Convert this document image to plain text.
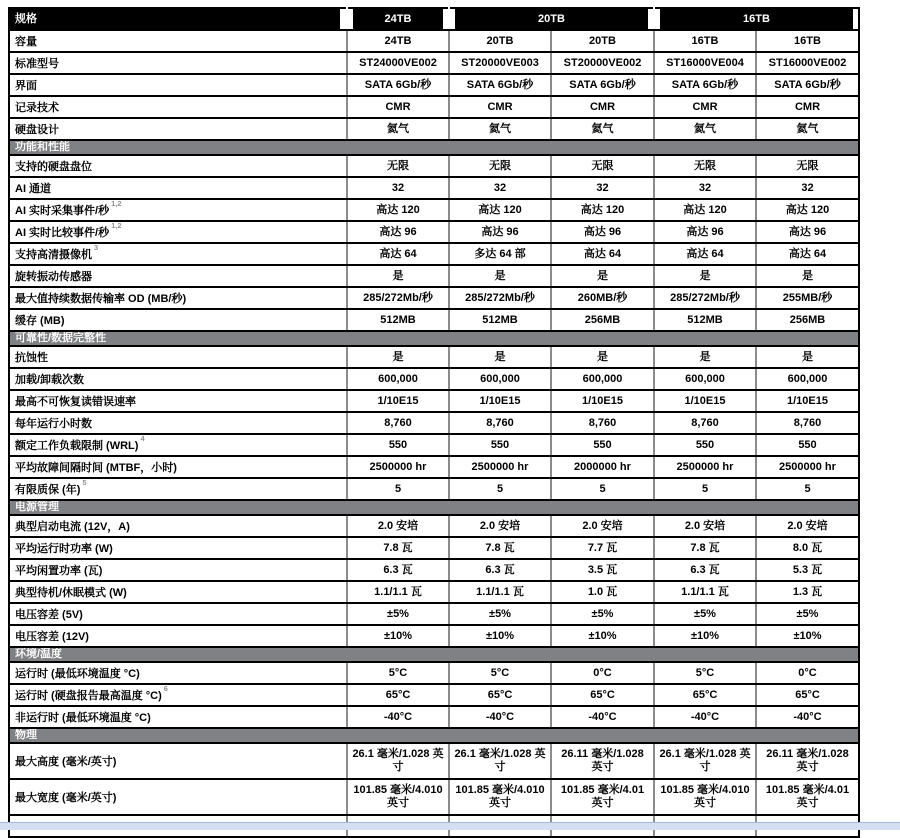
规格	24TB	20TB		16TB	

容量	24TB	20TB	20TB	16TB	16TB
标准型号	ST24000VE002	ST20000VE003	ST20000VE002	ST16000VE004	ST16000VE002
界面	SATA 6Gb/秒	SATA 6Gb/秒	SATA 6Gb/秒	SATA 6Gb/秒	SATA 6Gb/秒
记录技术	CMR	CMR	CMR	CMR	CMR
硬盘设计	氦气	氦气	氦气	氦气	氦气
功能和性能					
支持的硬盘盘位	无限	无限	无限	无限	无限
AI 通道	32	32	32	32	32
AI 实时采集事件/秒$^{1,2}$	高达 120	高达 120	高达 120	高达 120	高达 120
AI 实时比较事件/秒$^{1,2}$	高达 96	高达 96	高达 96	高达 96	高达 96
支持高清摄像机$^3$	高达 64	多达 64 部	高达 64	高达 64	高达 64
旋转振动传感器	是	是	是	是	是
最大值持续数据传输率 OD (MB/秒)	285/272Mb/秒	285/272Mb/秒	260MB/秒	285/272Mb/秒	255MB/秒
缓存 (MB)	512MB	512MB	256MB	512MB	256MB
可靠性/数据完整性					
抗蚀性	是	是	是	是	是
加载/卸载次数	600,000	600,000	600,000	600,000	600,000
最高不可恢复读错误速率	1/10E15	1/10E15	1/10E15	1/10E15	1/10E15
每年运行小时数	8,760	8,760	8,760	8,760	8,760
额定工作负载限制 (WRL)$^4$	550	550	550	550	550
平均故障间隔时间 (MTBF，小时)	2500000 hr	2500000 hr	2000000 hr	2500000 hr	2500000 hr
有限质保 (年)$^5$	5	5	5	5	5
电源管理					
典型启动电流 (12V，A)	2.0 安培	2.0 安培	2.0 安培	2.0 安培	2.0 安培
平均运行时功率 (W)	7.8 瓦	7.8 瓦	7.7 瓦	7.8 瓦	8.0 瓦
平均闲置功率 (瓦)	6.3 瓦	6.3 瓦	3.5 瓦	6.3 瓦	5.3 瓦
典型待机/休眠模式 (W)	1.1/1.1 瓦	1.1/1.1 瓦	1.0 瓦	1.1/1.1 瓦	1.3 瓦
电压容差 (5V)	±5%	±5%	±5%	±5%	±5%
电压容差 (12V)	±10%	±10%	±10%	±10%	±10%
环境/温度					
运行时 (最低环境温度 °C)	5°C	5°C	0°C	5°C	0°C
运行时 (硬盘报告最高温度 °C)$^6$	65°C	65°C	65°C	65°C	65°C
非运行时 (最低环境温度 °C)	-40°C	-40°C	-40°C	-40°C	-40°C
物理					
最大高度 (毫米/英寸)	26.1 毫米/1.028 英寸	26.1 毫米/1.028 英寸	26.11 毫米/1.028 英寸	26.1 毫米/1.028 英寸	26.11 毫米/1.028 英寸
最大宽度 (毫米/英寸)	101.85 毫米/4.010 英寸	101.85 毫米/4.010 英寸	101.85 毫米/4.01 英寸	101.85 毫米/4.010 英寸	101.85 毫米/4.01 英寸
